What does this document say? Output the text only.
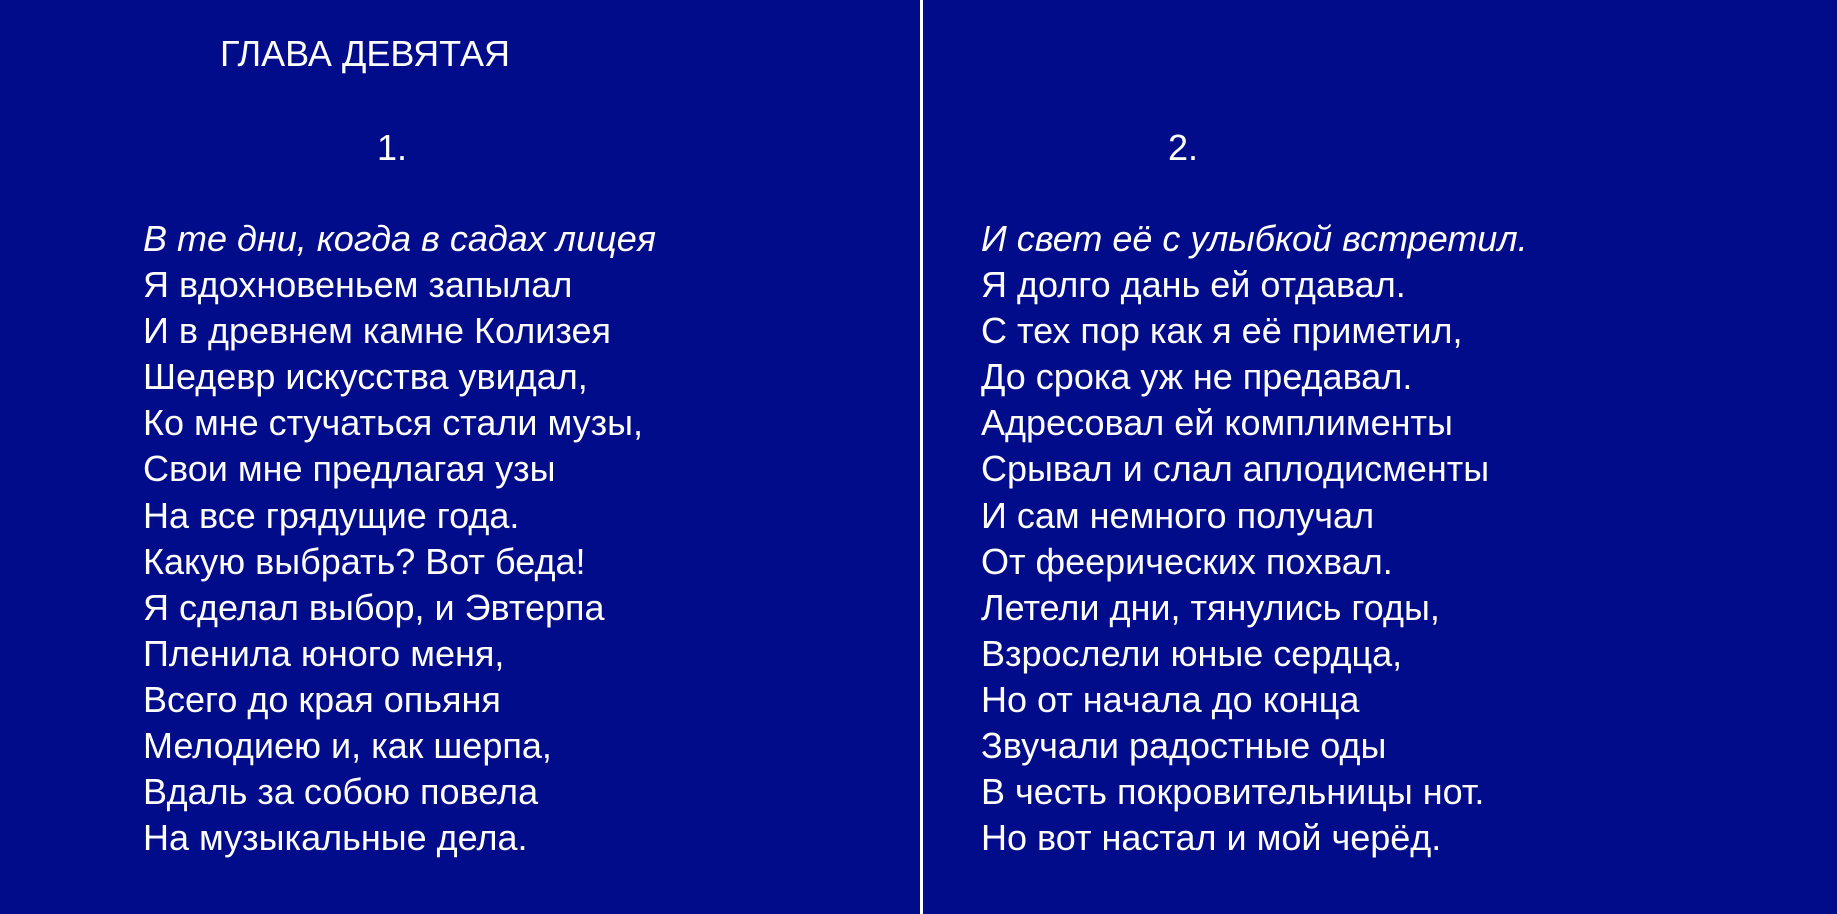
ГЛАВА ДЕВЯТАЯ
1.	2.
В те дни, когда в садах лицея
Я вдохновеньем запылал
И в древнем камне Колизея
Шедевр искусства увидал,
Ко мне стучаться стали музы,
Свои мне предлагая узы
На все грядущие года.
Какую выбрать? Вот беда!
Я сделал выбор, и Эвтерпа
Пленила юного меня,
Всего до края опьяня
Мелодиею и, как шерпа,
Вдаль за собою повела
На музыкальные дела.
И свет её с улыбкой встретил.
Я долго дань ей отдавал.
С тех пор как я её приметил,
До срока уж не предавал.
Адресовал ей комплименты
Срывал и слал аплодисменты
И сам немного получал
От феерических похвал.
Летели дни, тянулись годы,
Взрослели юные сердца,
Но от начала до конца
Звучали радостные оды
В честь покровительницы нот.
Но вот настал и мой черёд.
